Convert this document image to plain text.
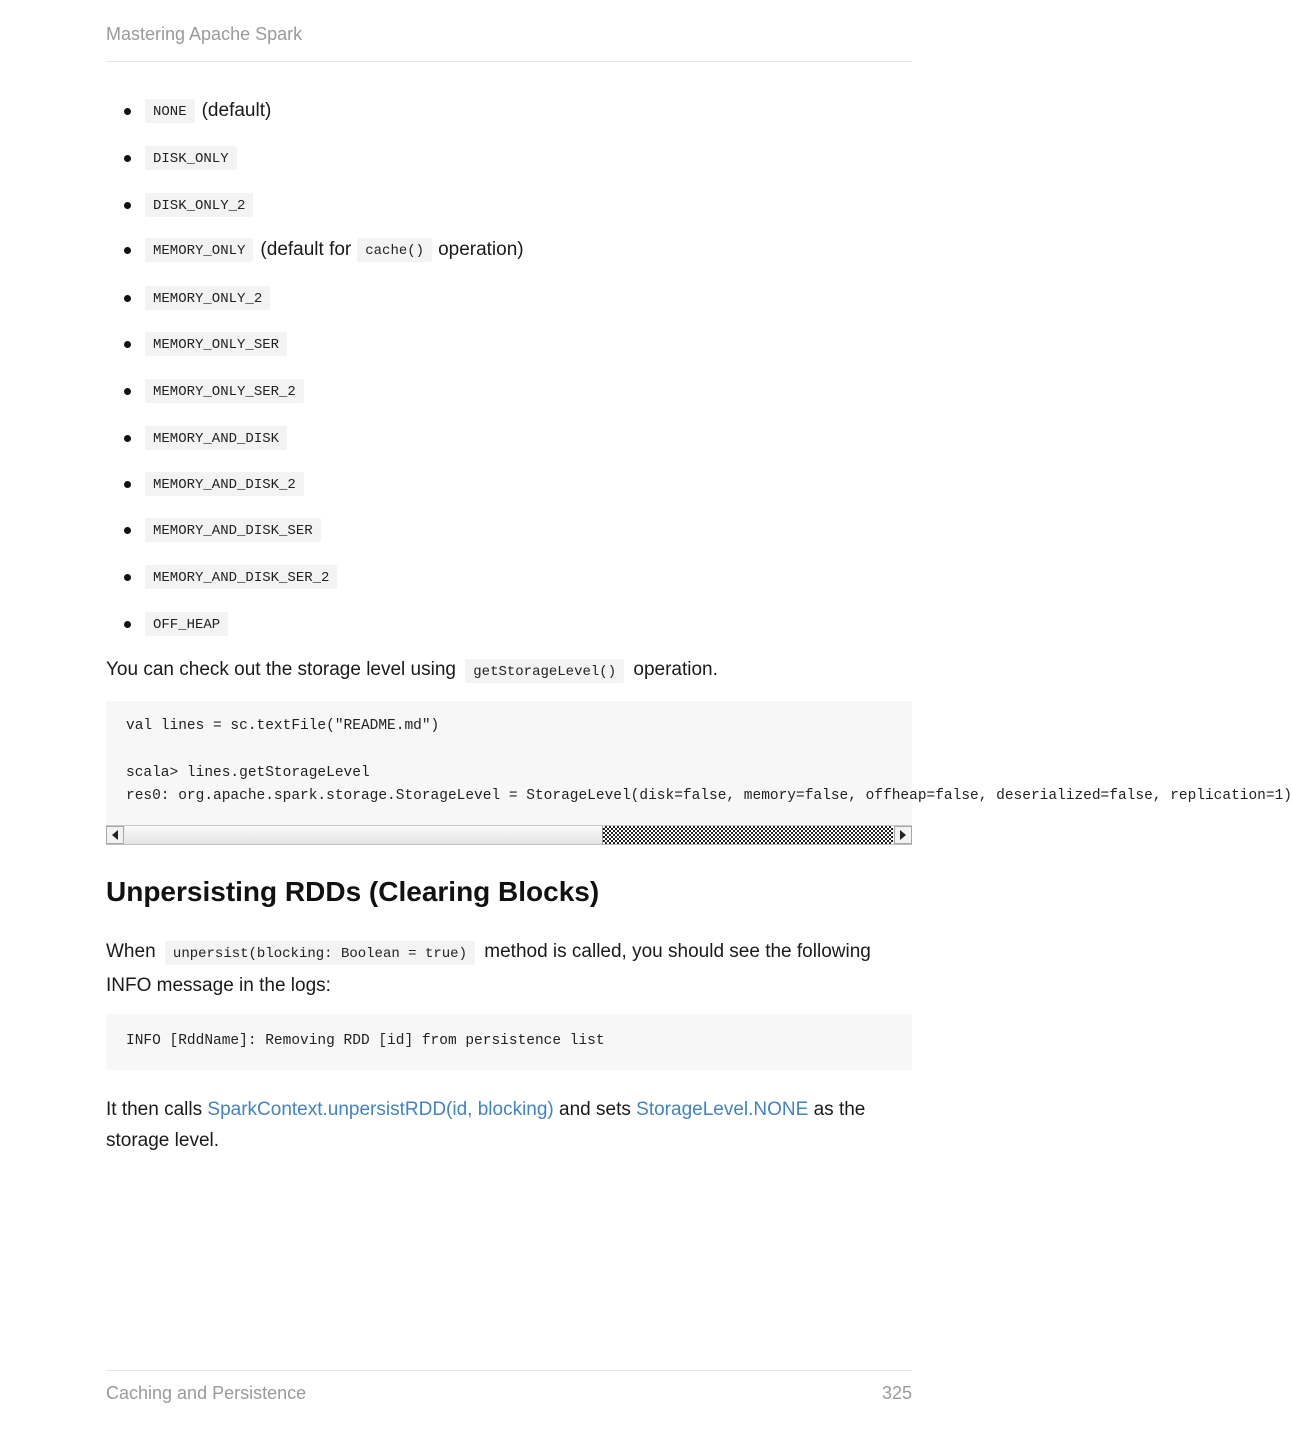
Mastering Apache Spark
NONE (default)
DISK_ONLY
DISK_ONLY_2
MEMORY_ONLY (default for	cache() operation)
MEMORY_ONLY_2
MEMORY_ONLY_SER
MEMORY_ONLY_SER_2
MEMORY_AND_DISK
MEMORY_AND_DISK_2
MEMORY_AND_DISK_SER
MEMORY_AND_DISK_SER_2
OFF_HEAP

You can check out the storage level using getStorageLevel() operation.

val lines = sc.textFile("README.md")
scala> lines.getStorageLevel
res0: org.apache.spark.storage.StorageLevel = StorageLevel(disk=false, memory=false, offheap=false, deserialized=false, replication=1)
Unpersisting RDDs (Clearing Blocks)

When unpersist(blocking: Boolean = true) method is called, you should see the following INFO message in the logs:

INFO [RddName]: Removing RDD [id] from persistence list

It then calls SparkContext.unpersistRDD(id, blocking) and sets StorageLevel.NONE as the storage level.

Caching and Persistence	325
